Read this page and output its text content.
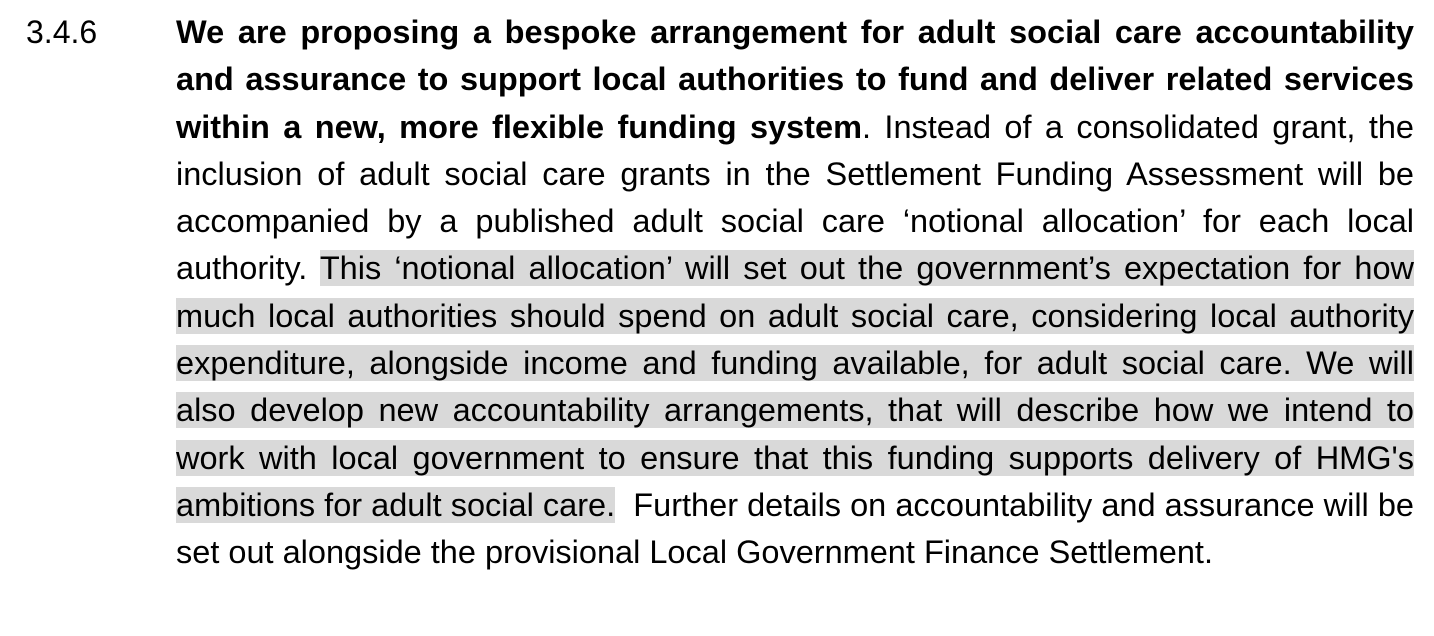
3.4.6 We are proposing a bespoke arrangement for adult social care accountability and assurance to support local authorities to fund and deliver related services within a new, more flexible funding system. Instead of a consolidated grant, the inclusion of adult social care grants in the Settlement Funding Assessment will be accompanied by a published adult social care ‘notional allocation’ for each local authority. This ‘notional allocation’ will set out the government’s expectation for how much local authorities should spend on adult social care, considering local authority expenditure, alongside income and funding available, for adult social care. We will also develop new accountability arrangements, that will describe how we intend to work with local government to ensure that this funding supports delivery of HMG's ambitions for adult social care.  Further details on accountability and assurance will be set out alongside the provisional Local Government Finance Settlement.
